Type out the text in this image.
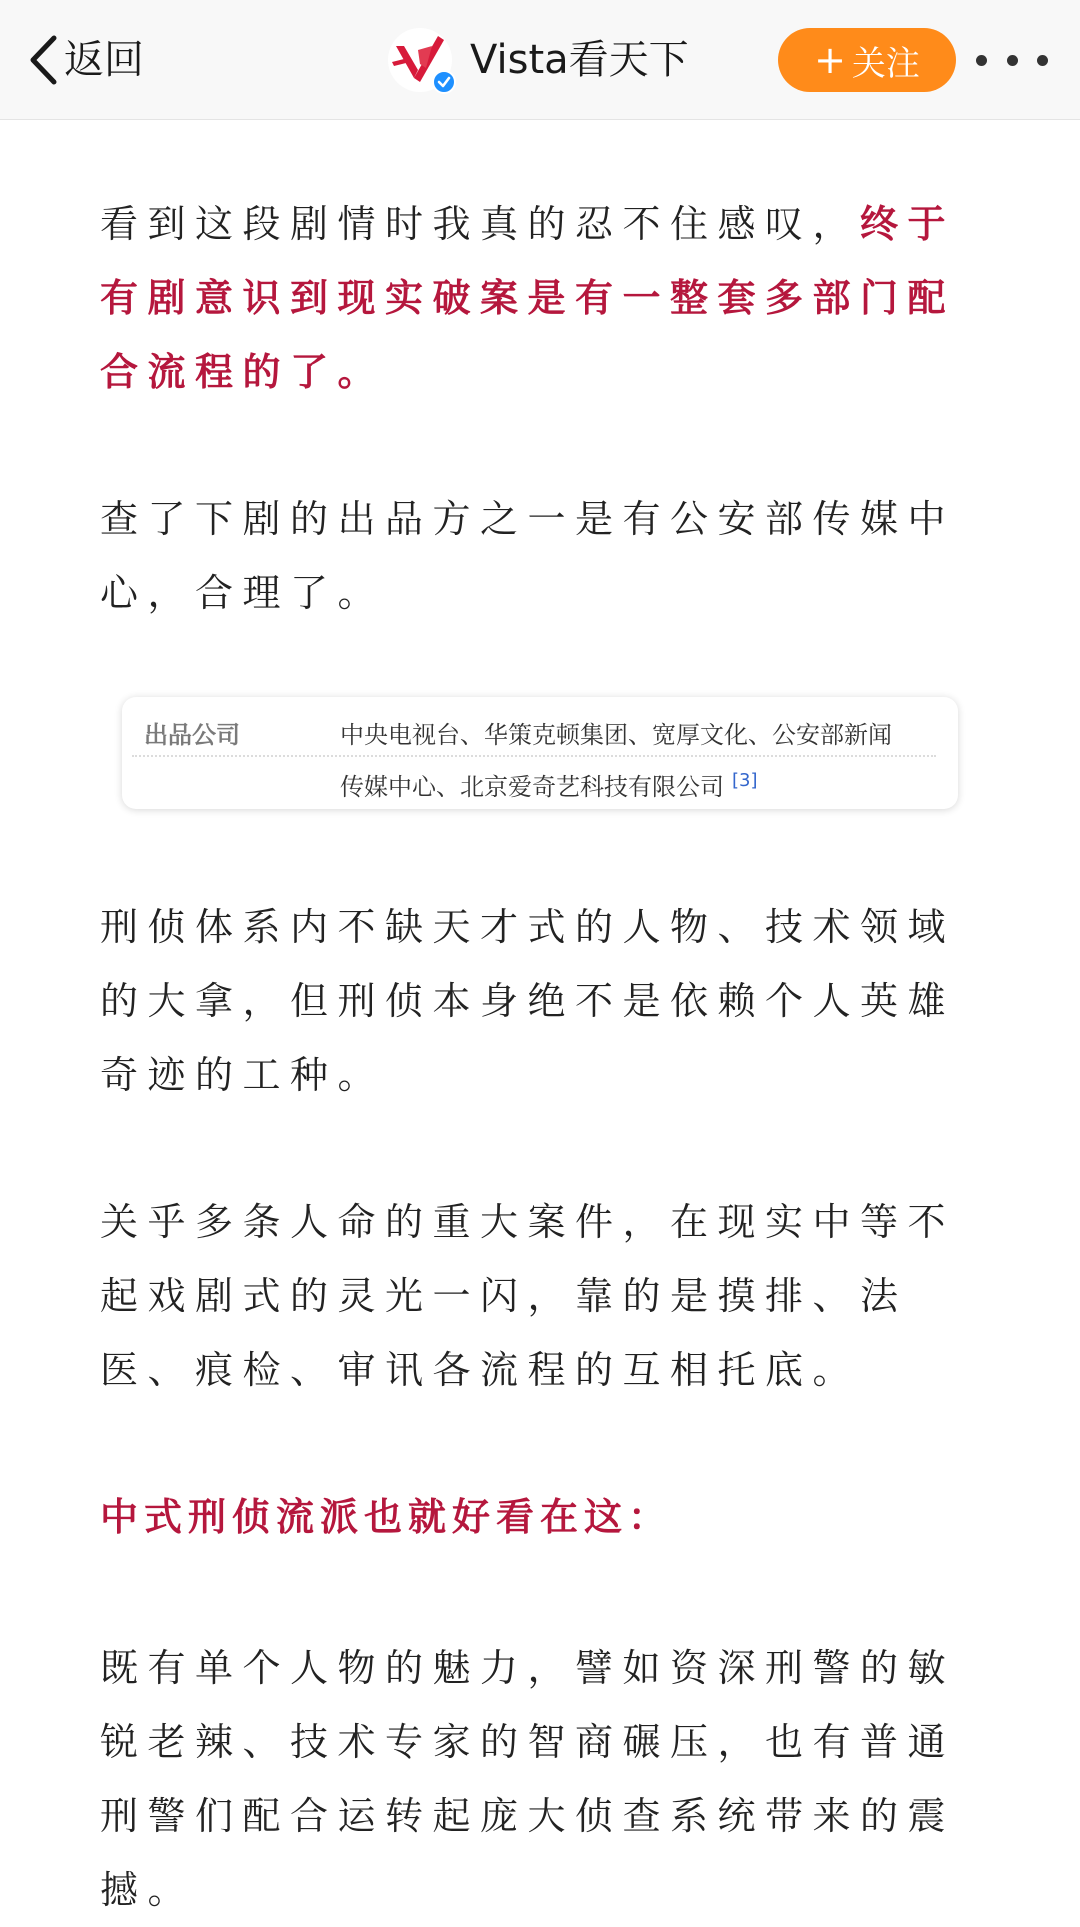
返回	Vista看天下	+ 关注

看到这段剧情时我真的忍不住感叹，终于有剧意识到现实破案是有一整套多部门配合流程的了。

查了下剧的出品方之一是有公安部传媒中心，合理了。

出品公司	中央电视台、华策克顿集团、宽厚文化、公安部新闻
传媒中心、北京爱奇艺科技有限公司 [3]

刑侦体系内不缺天才式的人物、技术领域的大拿，但刑侦本身绝不是依赖个人英雄奇迹的工种。

关乎多条人命的重大案件，在现实中等不起戏剧式的灵光一闪，靠的是摸排、法医、痕检、审讯各流程的互相托底。

中式刑侦流派也就好看在这：

既有单个人物的魅力，譬如资深刑警的敏锐老辣、技术专家的智商碾压，也有普通刑警们配合运转起庞大侦查系统带来的震撼。
